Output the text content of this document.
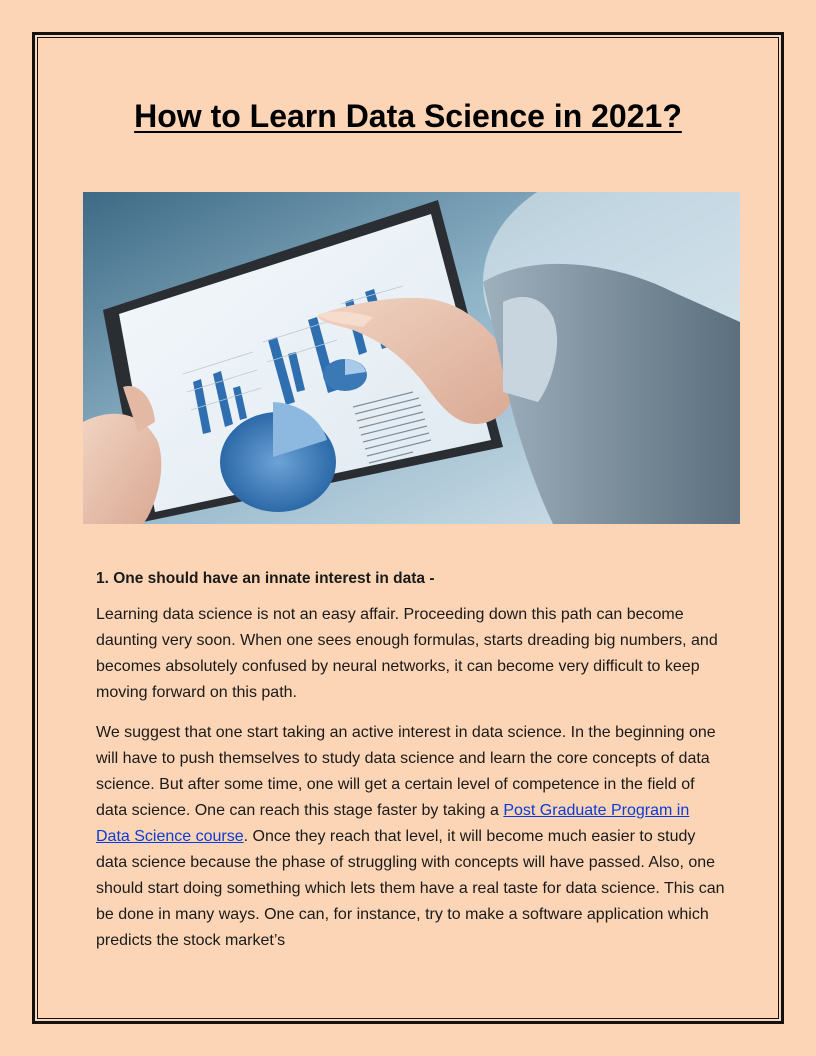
How to Learn Data Science in 2021?

1. One should have an innate interest in data -

Learning data science is not an easy affair. Proceeding down this path can become daunting very soon. When one sees enough formulas, starts dreading big numbers, and becomes absolutely confused by neural networks, it can become very difficult to keep moving forward on this path.

We suggest that one start taking an active interest in data science. In the beginning one will have to push themselves to study data science and learn the core concepts of data science. But after some time, one will get a certain level of competence in the field of data science. One can reach this stage faster by taking a Post Graduate Program in Data Science course. Once they reach that level, it will become much easier to study data science because the phase of struggling with concepts will have passed. Also, one should start doing something which lets them have a real taste for data science. This can be done in many ways. One can, for instance, try to make a software application which predicts the stock market’s
